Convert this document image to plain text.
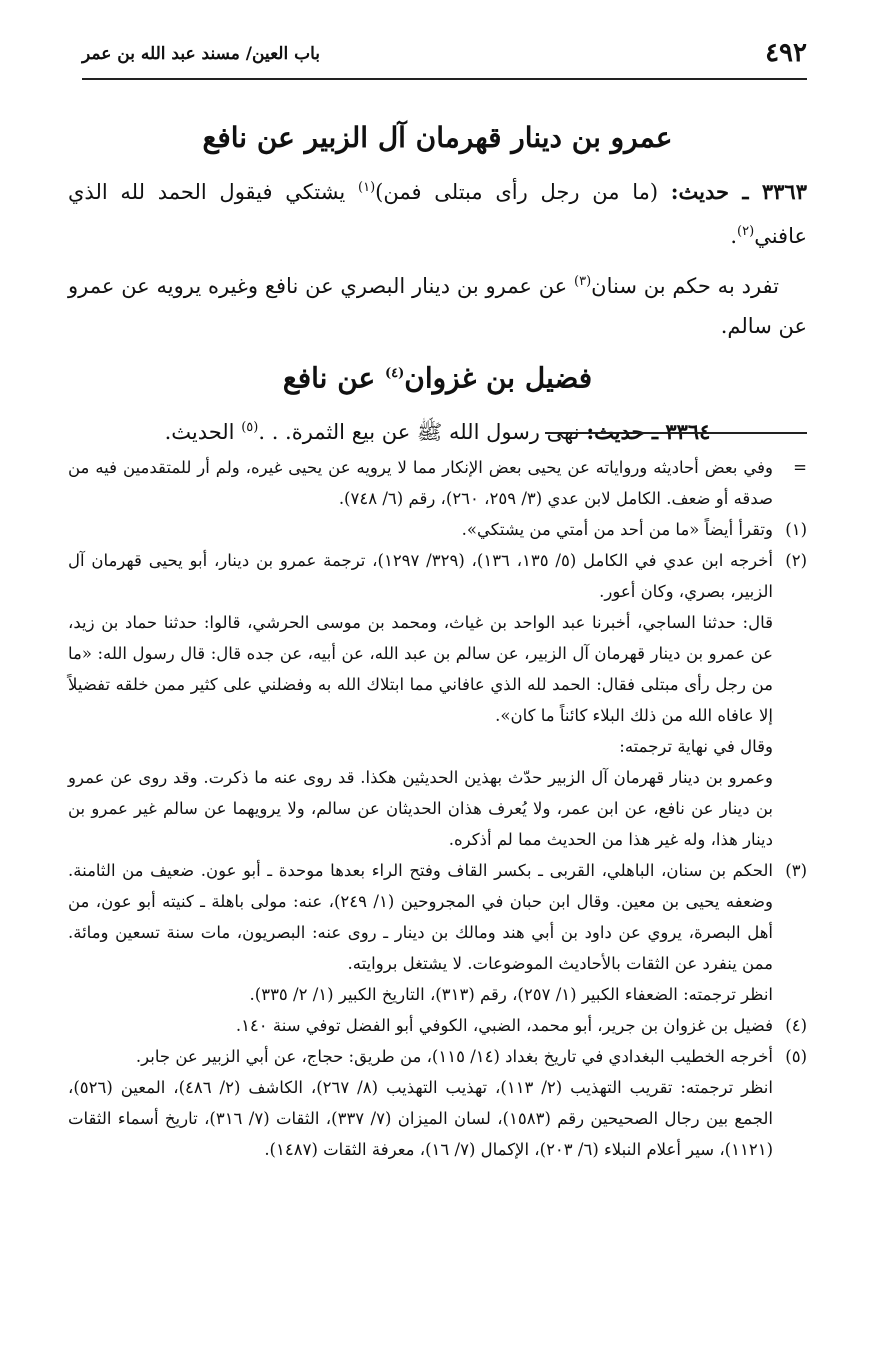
٤٩٢
باب العين/ مسند عبد الله بن عمر
عمرو بن دينار قهرمان آل الزبير عن نافع

٣٣٦٣ ـ حديث: (ما من رجل رأى مبتلى فمن)$^{(١)}$ يشتكي فيقول الحمد لله الذي عافني$^{(٢)}$.

تفرد به حكم بن سنان$^{(٣)}$ عن عمرو بن دينار البصري عن نافع وغيره يرويه عن عمرو عن سالم.

فضيل بن غزوان$^{(٤)}$ عن نافع

٣٣٦٤ ـ حديث: نهى رسول الله ﷺ عن بيع الثمرة. . .$^{(٥)}$ الحديث.

=

وفي بعض أحاديثه ورواياته عن يحيى بعض الإنكار مما لا يرويه عن يحيى غيره، ولم أر للمتقدمين فيه من صدقه أو ضعف. الكامل لابن عدي (٣/ ٢٥٩، ٢٦٠)، رقم (٦/ ٧٤٨).

(١)

وتقرأ أيضاً «ما من أحد من أمتي من يشتكي».

(٢)

أخرجه ابن عدي في الكامل (٥/ ١٣٥، ١٣٦)، (٣٢٩/ ١٢٩٧)، ترجمة عمرو بن دينار، أبو يحيى قهرمان آل الزبير، بصري، وكان أعور.

قال: حدثنا الساجي، أخبرنا عبد الواحد بن غياث، ومحمد بن موسى الحرشي، قالوا: حدثنا حماد بن زيد، عن عمرو بن دينار قهرمان آل الزبير، عن سالم بن عبد الله، عن أبيه، عن جده قال: قال رسول الله: «ما من رجل رأى مبتلى فقال: الحمد لله الذي عافاني مما ابتلاك الله به وفضلني على كثير ممن خلقه تفضيلاً إلا عافاه الله من ذلك البلاء كائناً ما كان».

وقال في نهاية ترجمته:

وعمرو بن دينار قهرمان آل الزبير حدّث بهذين الحديثين هكذا. قد روى عنه ما ذكرت. وقد روى عن عمرو بن دينار عن نافع، عن ابن عمر، ولا يُعرف هذان الحديثان عن سالم، ولا يرويهما عن سالم غير عمرو بن دينار هذا، وله غير هذا من الحديث مما لم أذكره.

(٣)

الحكم بن سنان، الباهلي، القربى ـ بكسر القاف وفتح الراء بعدها موحدة ـ أبو عون. ضعيف من الثامنة. وضعفه يحيى بن معين. وقال ابن حبان في المجروحين (١/ ٢٤٩)، عنه: مولى باهلة ـ كنيته أبو عون، من أهل البصرة، يروي عن داود بن أبي هند ومالك بن دينار ـ روى عنه: البصريون، مات سنة تسعين ومائة. ممن ينفرد عن الثقات بالأحاديث الموضوعات. لا يشتغل بروايته.

انظر ترجمته: الضعفاء الكبير (١/ ٢٥٧)، رقم (٣١٣)، التاريخ الكبير (١/ ٢/ ٣٣٥).

(٤)

فضيل بن غزوان بن جرير، أبو محمد، الضبي، الكوفي أبو الفضل توفي سنة ١٤٠.

(٥)

أخرجه الخطيب البغدادي في تاريخ بغداد (١٤/ ١١٥)، من طريق: حجاج، عن أبي الزبير عن جابر.

انظر ترجمته: تقريب التهذيب (٢/ ١١٣)، تهذيب التهذيب (٨/ ٢٦٧)، الكاشف (٢/ ٤٨٦)، المعين (٥٢٦)، الجمع بين رجال الصحيحين رقم (١٥٨٣)، لسان الميزان (٧/ ٣٣٧)، الثقات (٧/ ٣١٦)، تاريخ أسماء الثقات (١١٢١)، سير أعلام النبلاء (٦/ ٢٠٣)، الإكمال (٧/ ١٦)، معرفة الثقات (١٤٨٧).
